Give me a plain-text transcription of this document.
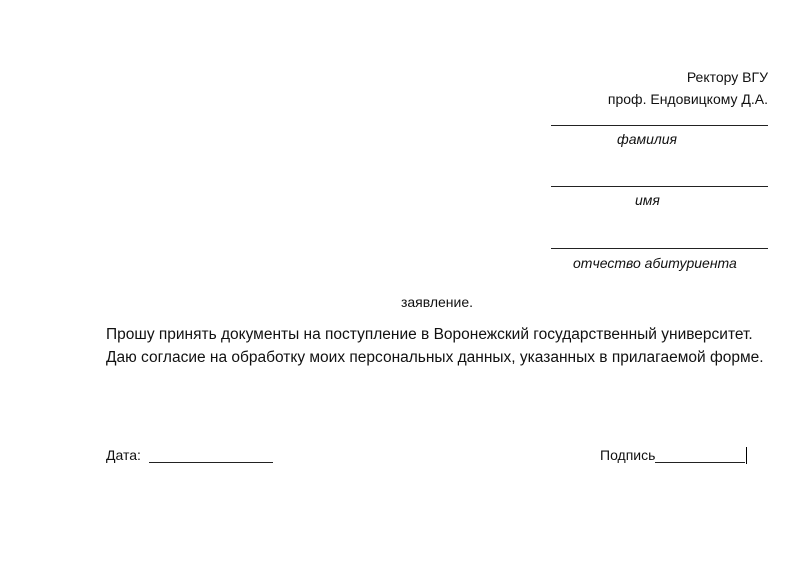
Ректору ВГУ
проф. Ендовицкому Д.А.
фамилия
имя
отчество абитуриента
заявление.
Прошу принять документы на поступление в Воронежский государственный университет.
Даю согласие на обработку моих персональных данных, указанных в прилагаемой форме.
Дата:	Подпись
